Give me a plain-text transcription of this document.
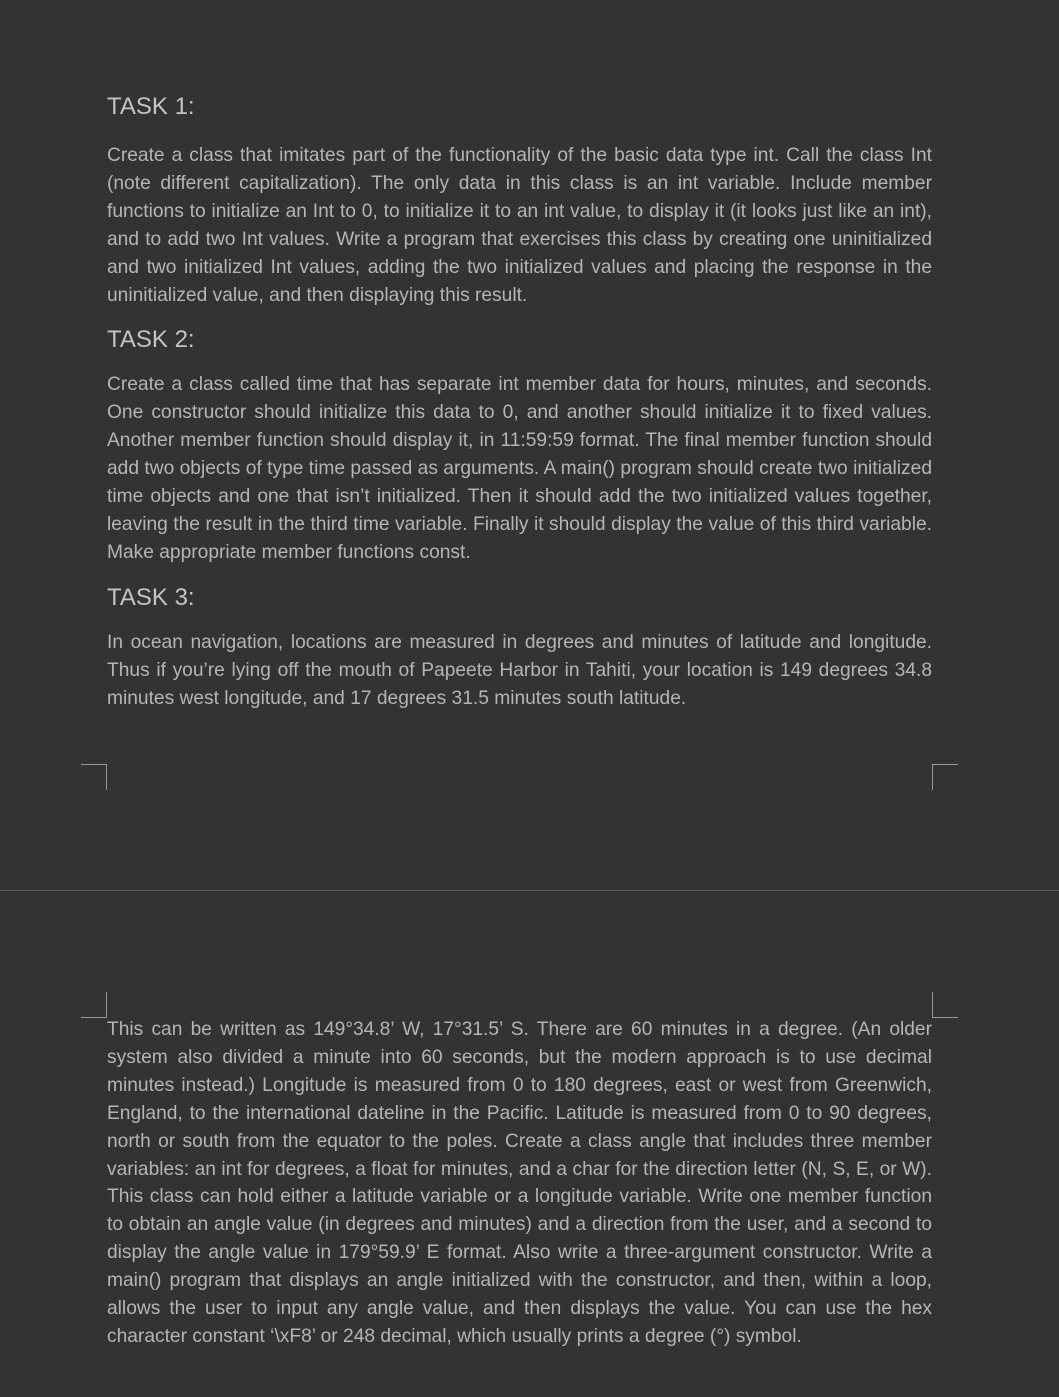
TASK 1:

Create a class that imitates part of the functionality of the basic data type int. Call the class Int (note different capitalization). The only data in this class is an int variable. Include member functions to initialize an Int to 0, to initialize it to an int value, to display it (it looks just like an int), and to add two Int values. Write a program that exercises this class by creating one uninitialized and two initialized Int values, adding the two initialized values and placing the response in the uninitialized value, and then displaying this result.

TASK 2:

Create a class called time that has separate int member data for hours, minutes, and seconds. One constructor should initialize this data to 0, and another should initialize it to fixed values. Another member function should display it, in 11:59:59 format. The final member function should add two objects of type time passed as arguments. A main() program should create two initialized time objects and one that isn’t initialized. Then it should add the two initialized values together, leaving the result in the third time variable. Finally it should display the value of this third variable. Make appropriate member functions const.

TASK 3:

In ocean navigation, locations are measured in degrees and minutes of latitude and longitude. Thus if you’re lying off the mouth of Papeete Harbor in Tahiti, your location is 149 degrees 34.8 minutes west longitude, and 17 degrees 31.5 minutes south latitude.

This can be written as 149°34.8’ W, 17°31.5’ S. There are 60 minutes in a degree. (An older system also divided a minute into 60 seconds, but the modern approach is to use decimal minutes instead.) Longitude is measured from 0 to 180 degrees, east or west from Greenwich, England, to the international dateline in the Pacific. Latitude is measured from 0 to 90 degrees, north or south from the equator to the poles. Create a class angle that includes three member variables: an int for degrees, a float for minutes, and a char for the direction letter (N, S, E, or W). This class can hold either a latitude variable or a longitude variable. Write one member function to obtain an angle value (in degrees and minutes) and a direction from the user, and a second to display the angle value in 179°59.9’ E format. Also write a three-argument constructor. Write a main() program that displays an angle initialized with the constructor, and then, within a loop, allows the user to input any angle value, and then displays the value. You can use the hex character constant ‘\xF8’ or 248 decimal, which usually prints a degree (°) symbol.
